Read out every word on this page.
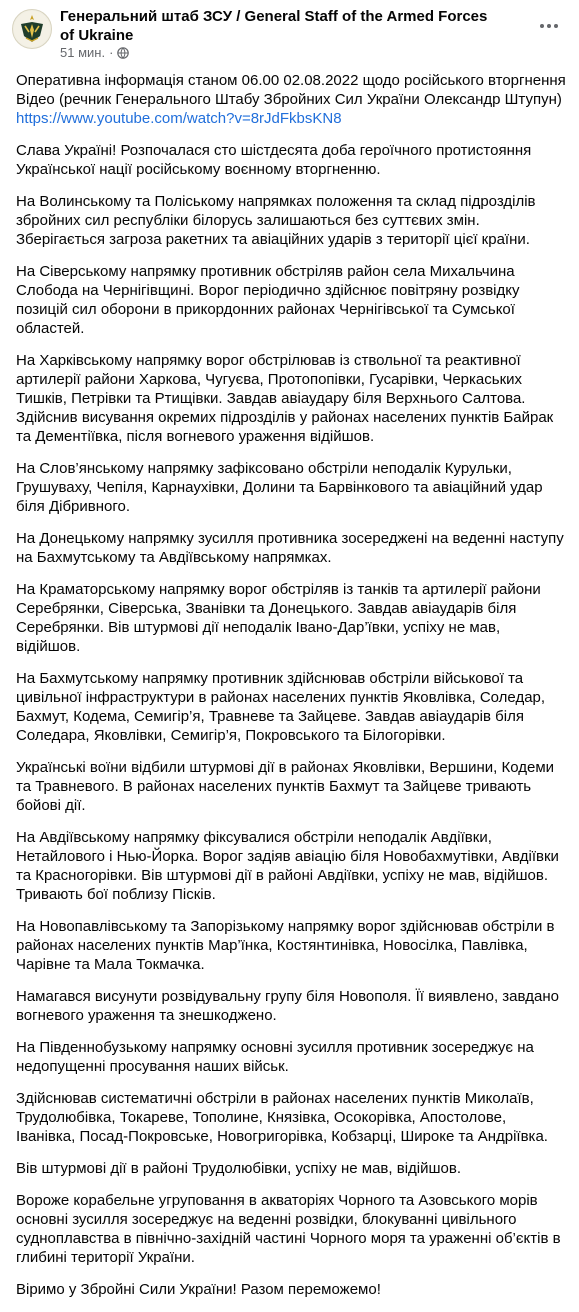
Генеральний штаб ЗСУ / General Staff of the Armed Forces of Ukraine
51 мин. ·

Оперативна інформація станом 06.00 02.08.2022 щодо російського вторгнення Відео (речник Генерального Штабу Збройних Сил України Олександр Штупун)
https://www.youtube.com/watch?v=8rJdFkbsKN8

Слава Україні! Розпочалася сто шістдесята доба героїчного протистояння Української нації російському воєнному вторгненню.

На Волинському та Поліському напрямках положення та склад підрозділів збройних сил республіки білорусь залишаються без суттєвих змін. Зберігається загроза ракетних та авіаційних ударів з території цієї країни.

На Сіверському напрямку противник обстріляв район села Михальчина Слобода на Чернігівщині. Ворог періодично здійснює повітряну розвідку позицій сил оборони в прикордонних районах Чернігівської та Сумської областей.

На Харківському напрямку ворог обстрілював із ствольної та реактивної артилерії райони Харкова, Чугуєва, Протопопівки, Гусарівки, Черкаських Тишків, Петрівки та Ртищівки. Завдав авіаудару біля Верхнього Салтова. Здійснив висування окремих підрозділів у районах населених пунктів Байрак та Дементіївка, після вогневого ураження відійшов.

На Слов’янському напрямку зафіксовано обстріли неподалік Курульки, Грушуваху, Чепіля, Карнаухівки, Долини та Барвінкового та авіаційний удар біля Дібривного.

На Донецькому напрямку зусилля противника зосереджені на веденні наступу на Бахмутському та Авдіївському напрямках.

На Краматорському напрямку ворог обстріляв із танків та артилерії райони Серебрянки, Сіверська, Званівки та Донецького. Завдав авіаударів біля Серебрянки. Вів штурмові дії неподалік Івано-Дар’ївки, успіху не мав, відійшов.

На Бахмутському напрямку противник здійснював обстріли військової та цивільної інфраструктури в районах населених пунктів Яковлівка, Соледар, Бахмут, Кодема, Семигір’я, Травневе та Зайцеве. Завдав авіаударів біля Соледара, Яковлівки, Семигір’я, Покровського та Білогорівки.

Українські воїни відбили штурмові дії в районах Яковлівки, Вершини, Кодеми та Травневого. В районах населених пунктів Бахмут та Зайцеве тривають бойові дії.

На Авдіївському напрямку фіксувалися обстріли неподалік Авдіївки, Нетайлового і Нью-Йорка. Ворог задіяв авіацію біля Новобахмутівки, Авдіївки та Красногорівки. Вів штурмові дії в районі Авдіївки, успіху не мав, відійшов. Тривають бої поблизу Пісків.

На Новопавлівському та Запорізькому напрямку ворог здійснював обстріли в районах населених пунктів Мар’їнка, Костянтинівка, Новосілка, Павлівка, Чарівне та Мала Токмачка.

Намагався висунути розвідувальну групу біля Новополя. Її виявлено, завдано вогневого ураження та знешкоджено.

На Південнобузькому напрямку основні зусилля противник зосереджує на недопущенні просування наших військ.

Здійснював систематичні обстріли в районах населених пунктів Миколаїв, Трудолюбівка, Токареве, Тополине, Князівка, Осокорівка, Апостолове, Іванівка, Посад-Покровське, Новогригорівка, Кобзарці, Широке та Андріївка.

Вів штурмові дії в районі Трудолюбівки, успіху не мав, відійшов.

Вороже корабельне угруповання в акваторіях Чорного та Азовського морів основні зусилля зосереджує на веденні розвідки, блокуванні цивільного судноплавства в північно-західній частині Чорного моря та ураженні об’єктів в глибині території України.

Віримо у Збройні Сили України! Разом переможемо!
